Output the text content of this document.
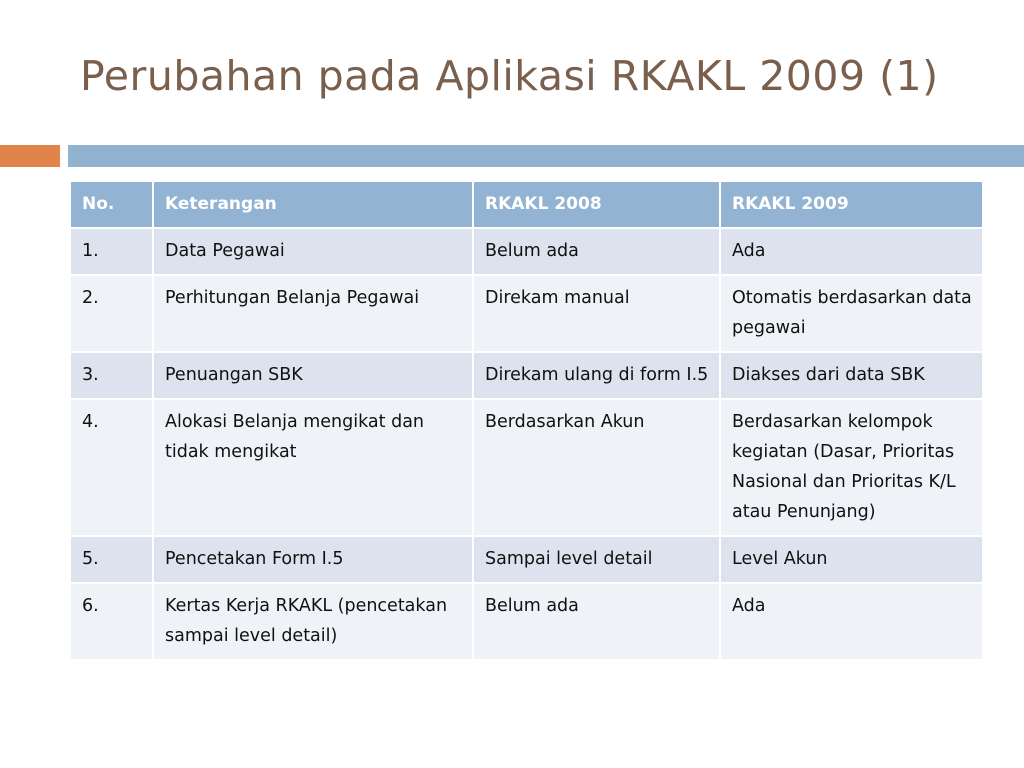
Perubahan pada Aplikasi RKAKL 2009 (1)
No.	Keterangan	RKAKL 2008	RKAKL 2009
1.	Data Pegawai	Belum ada	Ada
2.	Perhitungan Belanja Pegawai	Direkam manual	Otomatis berdasarkan data pegawai
3.	Penuangan SBK	Direkam ulang di form I.5	Diakses dari data SBK
4.	Alokasi Belanja mengikat dan tidak mengikat	Berdasarkan Akun	Berdasarkan kelompok kegiatan (Dasar, Prioritas Nasional dan Prioritas K/L atau Penunjang)
5.	Pencetakan Form I.5	Sampai level detail	Level Akun
6.	Kertas Kerja RKAKL (pencetakan sampai level detail)	Belum ada	Ada
